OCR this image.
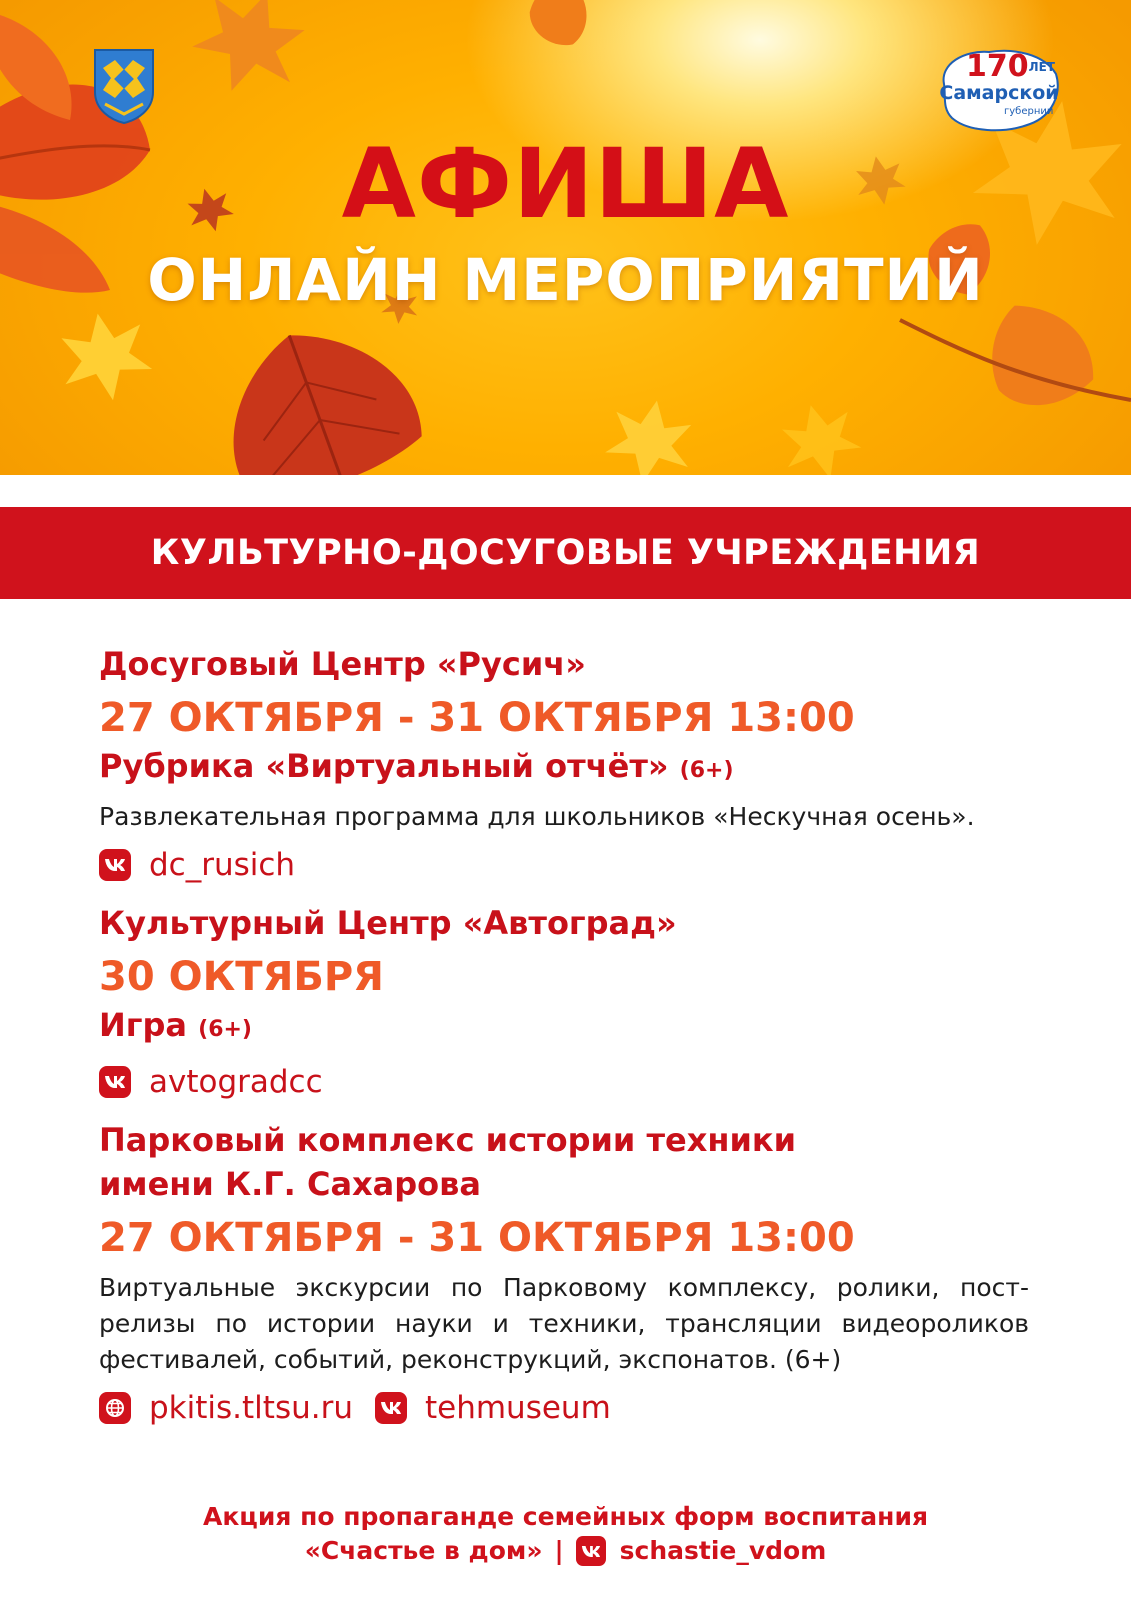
$170^{ЛЕТ}$
Самарской
губернии
АФИША
ОНЛАЙН МЕРОПРИЯТИЙ
КУЛЬТУРНО-ДОСУГОВЫЕ УЧРЕЖДЕНИЯ
Досуговый Центр «Русич»
27 ОКТЯБРЯ - 31 ОКТЯБРЯ 13:00
Рубрика «Виртуальный отчёт» (6+)
Развлекательная программа для школьников «Нескучная осень».
dc_rusich
Культурный Центр «Автоград»
30 ОКТЯБРЯ
Игра (6+)
avtogradcc
Парковый комплекс истории техники
имени К.Г. Сахарова
27 ОКТЯБРЯ - 31 ОКТЯБРЯ 13:00
Виртуальные экскурсии по Парковому комплексу, ролики, пост-релизы по истории науки и техники, трансляции видеороликов фестивалей, событий, реконструкций, экспонатов. (6+)
pkitis.tltsu.ru tehmuseum
Акция по пропаганде семейных форм воспитания
«Счастье в дом» | schastie_vdom
